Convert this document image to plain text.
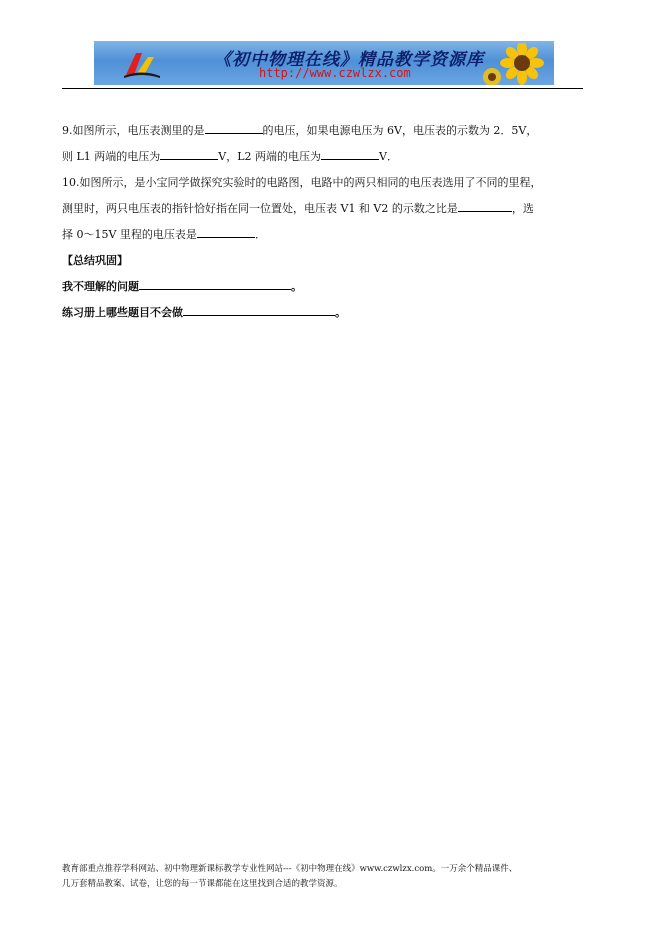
《初中物理在线》精品教学资源库
http://www.czwlzx.com

9.如图所示，电压表测里的是	的电压，如果电源电压为 6V，电压表的示数为 2．5V，

则 L1 两端的电压为	V，L2 两端的电压为	V．

10.如图所示，是小宝同学做探究实验时的电路图，电路中的两只相同的电压表选用了不同的里程，

测里时，两只电压表的指针恰好指在同一位置处，电压表 V1 和 V2 的示数之比是	，选

择 0～15V 里程的电压表是	．

【总结巩固】

我不理解的问题	。

练习册上哪些题目不会做	。

教育部重点推荐学科网站、初中物理新课标教学专业性网站---《初中物理在线》www.czwlzx.com。一万余个精品课件、
几万套精品教案、试卷，让您的每一节课都能在这里找到合适的教学资源。
